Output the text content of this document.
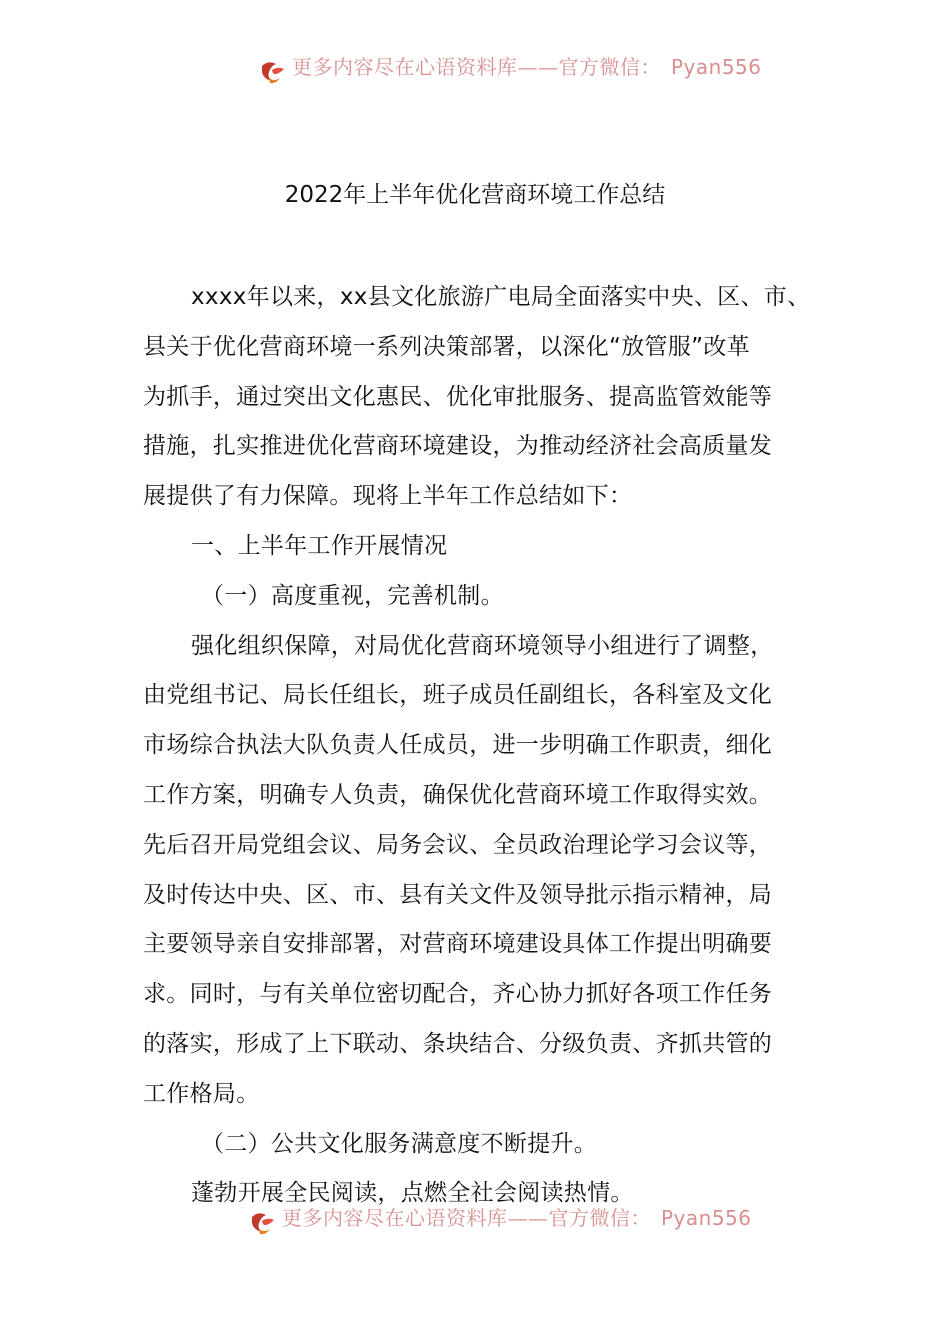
更多内容尽在心语资料库——官方微信： Pyan556
2022年上半年优化营商环境工作总结
xxxx年以来，xx县文化旅游广电局全面落实中央、区、市、
县关于优化营商环境一系列决策部署，以深化“放管服”改革
为抓手，通过突出文化惠民、优化审批服务、提高监管效能等
措施，扎实推进优化营商环境建设，为推动经济社会高质量发
展提供了有力保障。现将上半年工作总结如下：
一、上半年工作开展情况
（一）高度重视，完善机制。
强化组织保障，对局优化营商环境领导小组进行了调整，
由党组书记、局长任组长，班子成员任副组长，各科室及文化
市场综合执法大队负责人任成员，进一步明确工作职责，细化
工作方案，明确专人负责，确保优化营商环境工作取得实效。
先后召开局党组会议、局务会议、全员政治理论学习会议等，
及时传达中央、区、市、县有关文件及领导批示指示精神，局
主要领导亲自安排部署，对营商环境建设具体工作提出明确要
求。同时，与有关单位密切配合，齐心协力抓好各项工作任务
的落实，形成了上下联动、条块结合、分级负责、齐抓共管的
工作格局。
（二）公共文化服务满意度不断提升。
蓬勃开展全民阅读，点燃全社会阅读热情。
更多内容尽在心语资料库——官方微信： Pyan556
